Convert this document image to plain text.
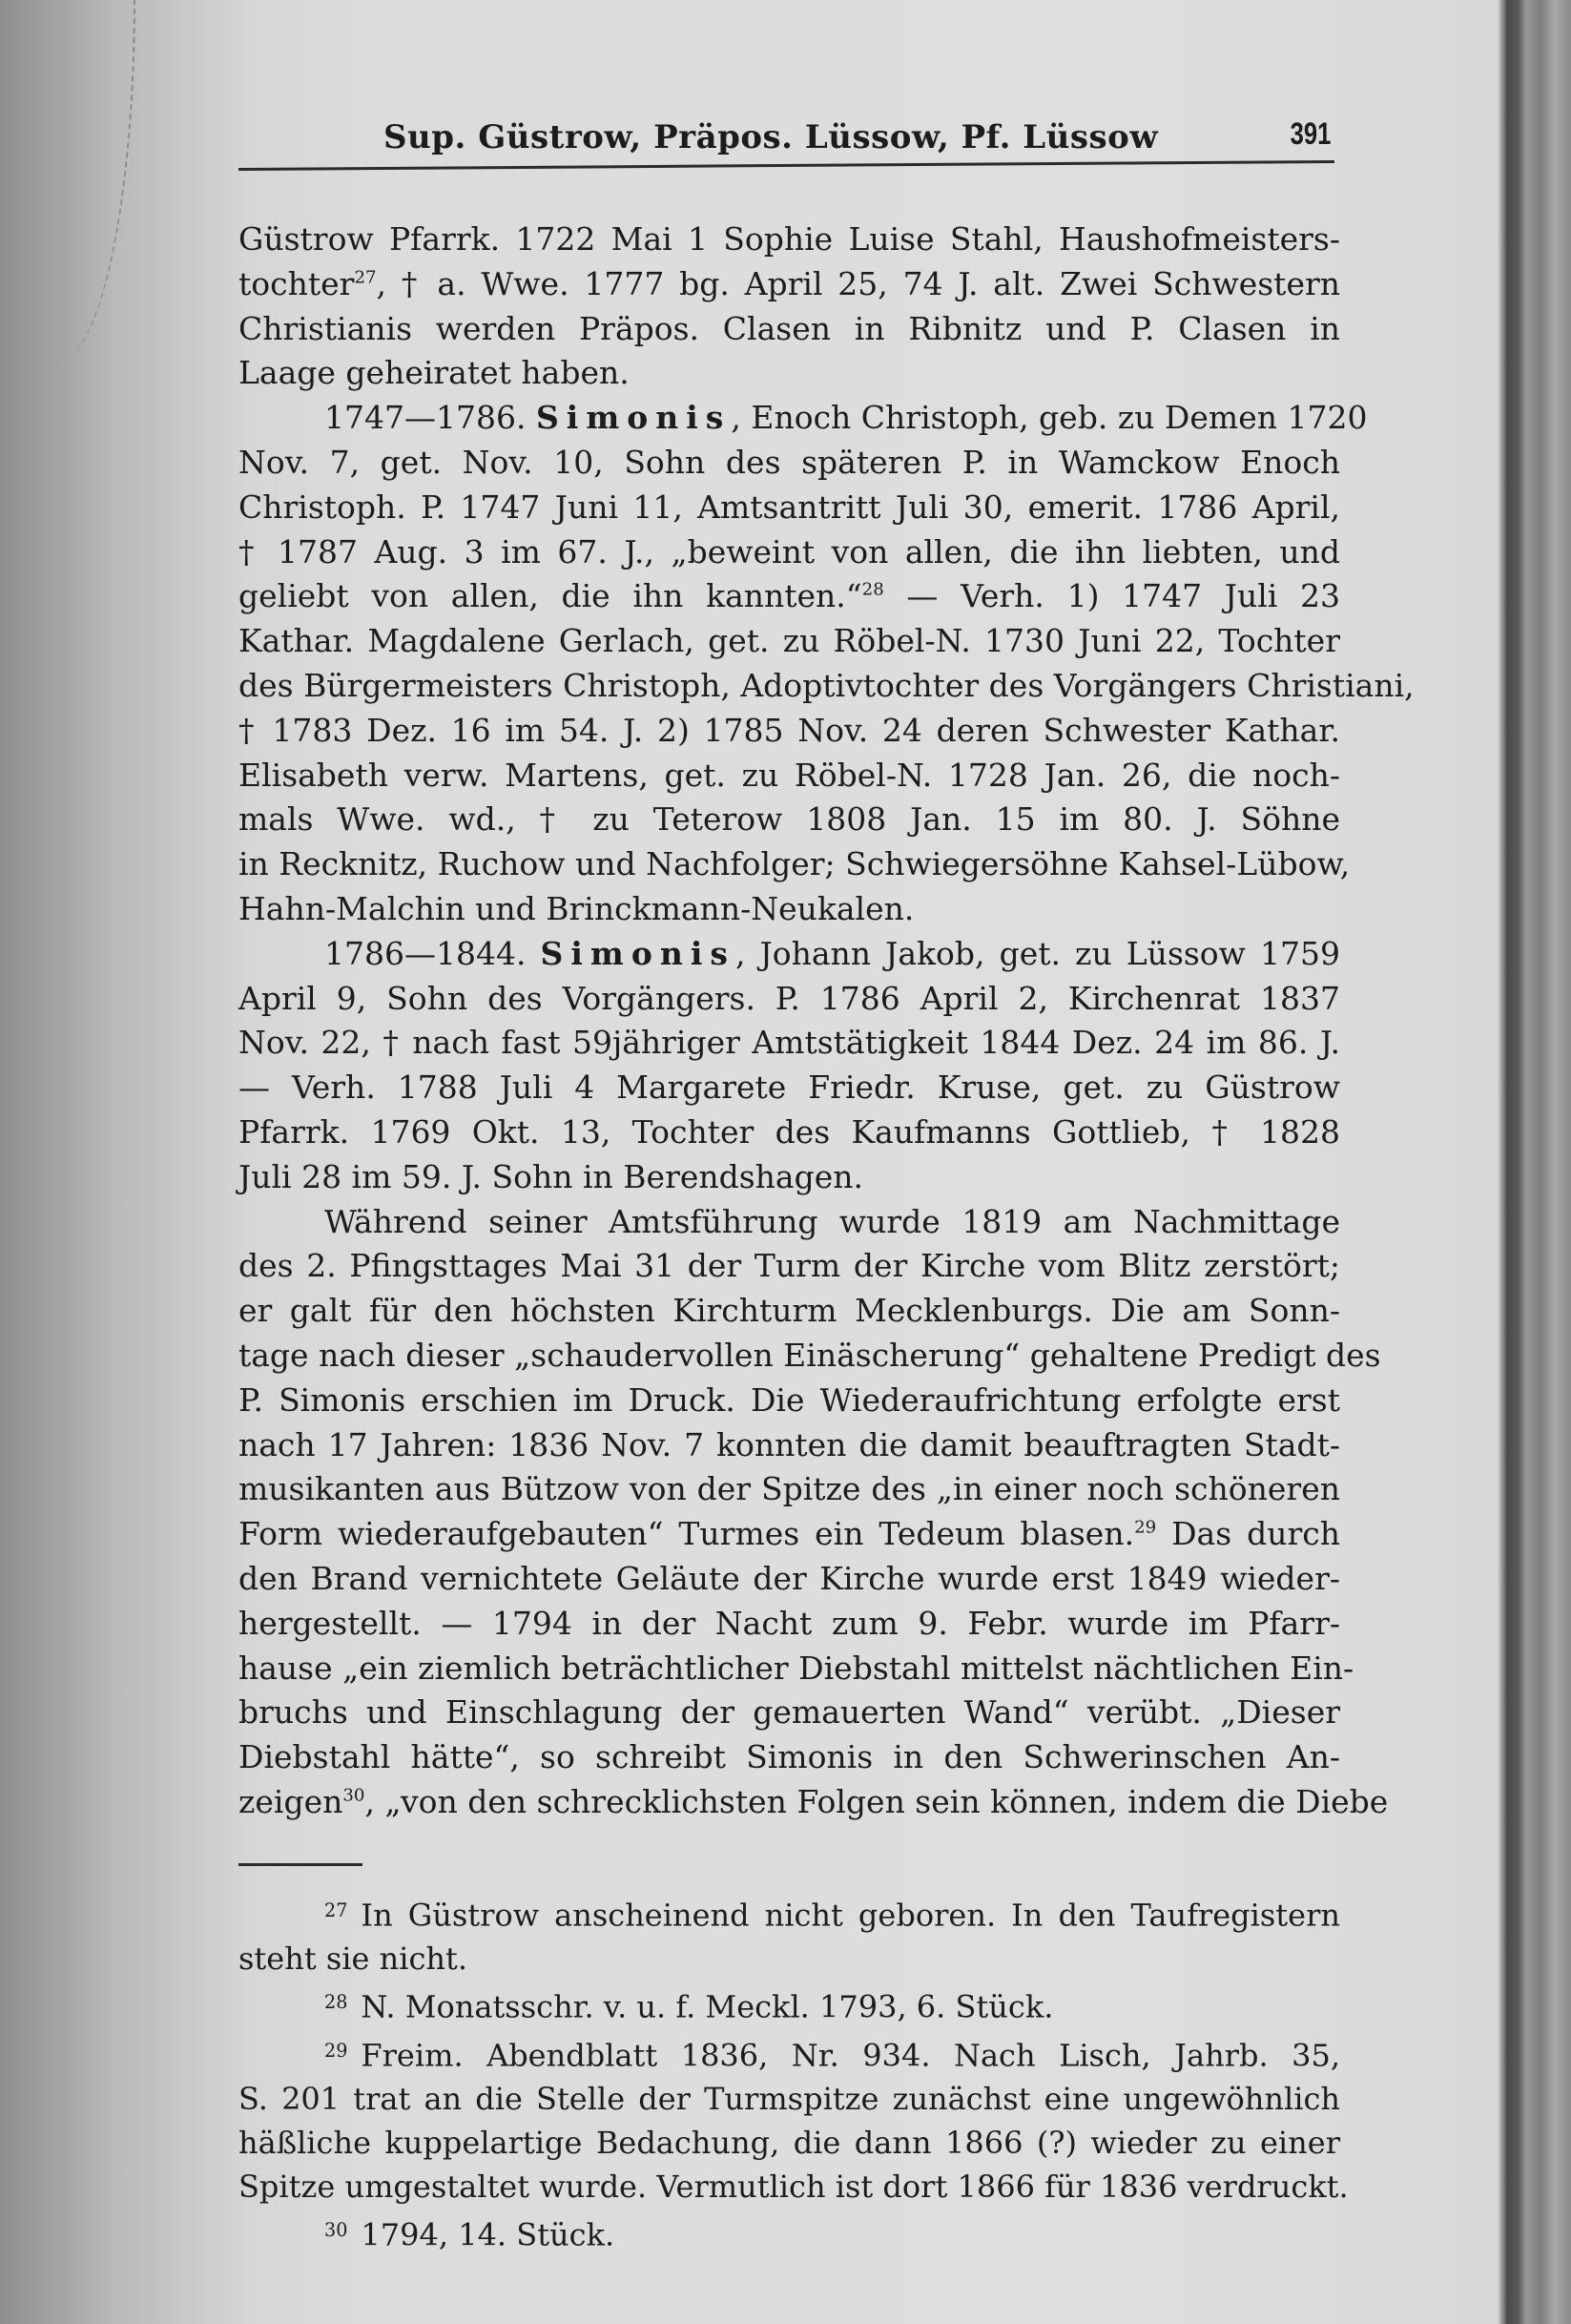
Sup. Güstrow, Präpos. Lüssow, Pf. Lüssow	391
Güstrow Pfarrk. 1722 Mai 1 Sophie Luise Stahl, Haushofmeisters-
tochter$^{27}$, † a. Wwe. 1777 bg. April 25, 74 J. alt. Zwei Schwestern
Christianis werden Präpos. Clasen in Ribnitz und P. Clasen in
Laage geheiratet haben.
1747—1786. Simonis, Enoch Christoph, geb. zu Demen 1720
Nov. 7, get. Nov. 10, Sohn des späteren P. in Wamckow Enoch
Christoph. P. 1747 Juni 11, Amtsantritt Juli 30, emerit. 1786 April,
† 1787 Aug. 3 im 67. J., „beweint von allen, die ihn liebten, und
geliebt von allen, die ihn kannten.“$^{28}$ — Verh. 1) 1747 Juli 23
Kathar. Magdalene Gerlach, get. zu Röbel-N. 1730 Juni 22, Tochter
des Bürgermeisters Christoph, Adoptivtochter des Vorgängers Christiani,
† 1783 Dez. 16 im 54. J. 2) 1785 Nov. 24 deren Schwester Kathar.
Elisabeth verw. Martens, get. zu Röbel-N. 1728 Jan. 26, die noch-
mals Wwe. wd., † zu Teterow 1808 Jan. 15 im 80. J. Söhne
in Recknitz, Ruchow und Nachfolger; Schwiegersöhne Kahsel-Lübow,
Hahn-Malchin und Brinckmann-Neukalen.
1786—1844. Simonis, Johann Jakob, get. zu Lüssow 1759
April 9, Sohn des Vorgängers. P. 1786 April 2, Kirchenrat 1837
Nov. 22, † nach fast 59jähriger Amtstätigkeit 1844 Dez. 24 im 86. J.
— Verh. 1788 Juli 4 Margarete Friedr. Kruse, get. zu Güstrow
Pfarrk. 1769 Okt. 13, Tochter des Kaufmanns Gottlieb, † 1828
Juli 28 im 59. J. Sohn in Berendshagen.
Während seiner Amtsführung wurde 1819 am Nachmittage
des 2. Pfingsttages Mai 31 der Turm der Kirche vom Blitz zerstört;
er galt für den höchsten Kirchturm Mecklenburgs. Die am Sonn-
tage nach dieser „schaudervollen Einäscherung“ gehaltene Predigt des
P. Simonis erschien im Druck. Die Wiederaufrichtung erfolgte erst
nach 17 Jahren: 1836 Nov. 7 konnten die damit beauftragten Stadt-
musikanten aus Bützow von der Spitze des „in einer noch schöneren
Form wiederaufgebauten“ Turmes ein Tedeum blasen.$^{29}$ Das durch
den Brand vernichtete Geläute der Kirche wurde erst 1849 wieder-
hergestellt. — 1794 in der Nacht zum 9. Febr. wurde im Pfarr-
hause „ein ziemlich beträchtlicher Diebstahl mittelst nächtlichen Ein-
bruchs und Einschlagung der gemauerten Wand“ verübt. „Dieser
Diebstahl hätte“, so schreibt Simonis in den Schwerinschen An-
zeigen$^{30}$, „von den schrecklichsten Folgen sein können, indem die Diebe
$^{27}$ In Güstrow anscheinend nicht geboren. In den Taufregistern
steht sie nicht.
$^{28}$ N. Monatsschr. v. u. f. Meckl. 1793, 6. Stück.
$^{29}$ Freim. Abendblatt 1836, Nr. 934. Nach Lisch, Jahrb. 35,
S. 201 trat an die Stelle der Turmspitze zunächst eine ungewöhnlich
häßliche kuppelartige Bedachung, die dann 1866 (?) wieder zu einer
Spitze umgestaltet wurde. Vermutlich ist dort 1866 für 1836 verdruckt.
$^{30}$ 1794, 14. Stück.
